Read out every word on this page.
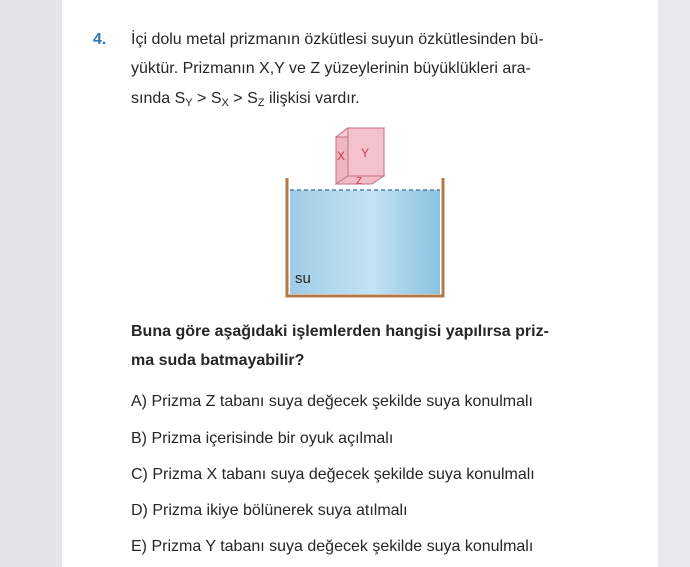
4. İçi dolu metal prizmanın özkütlesi suyun özkütlesinden bü-
yüktür. Prizmanın X,Y ve Z yüzeylerinin büyüklükleri ara-
sında $S_Y > S_X > S_Z$ ilişkisi vardır.
X Y
Z
su
Buna göre aşağıdaki işlemlerden hangisi yapılırsa priz-
ma suda batmayabilir?
A) Prizma Z tabanı suya değecek şekilde suya konulmalı
B) Prizma içerisinde bir oyuk açılmalı
C) Prizma X tabanı suya değecek şekilde suya konulmalı
D) Prizma ikiye bölünerek suya atılmalı
E) Prizma Y tabanı suya değecek şekilde suya konulmalı
